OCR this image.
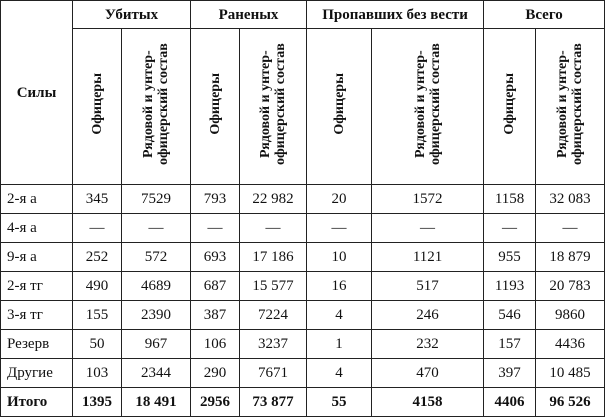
Силы	Убитых		Раненых		Пропавших без вести		Всего	
	Офицеры	Рядовой и унтер-офицерский состав	Офицеры	Рядовой и унтер-офицерский состав	Офицеры	Рядовой и унтер-офицерский состав	Офицеры	Рядовой и унтер-офицерский состав
2-я а	345	7529	793	22 982	20	1572	1158	32 083
4-я а	—	—	—	—	—	—	—	—
9-я а	252	572	693	17 186	10	1121	955	18 879
2-я тг	490	4689	687	15 577	16	517	1193	20 783
3-я тг	155	2390	387	7224	4	246	546	9860
Резерв	50	967	106	3237	1	232	157	4436
Другие	103	2344	290	7671	4	470	397	10 485
Итого	1395	18 491	2956	73 877	55	4158	4406	96 526
